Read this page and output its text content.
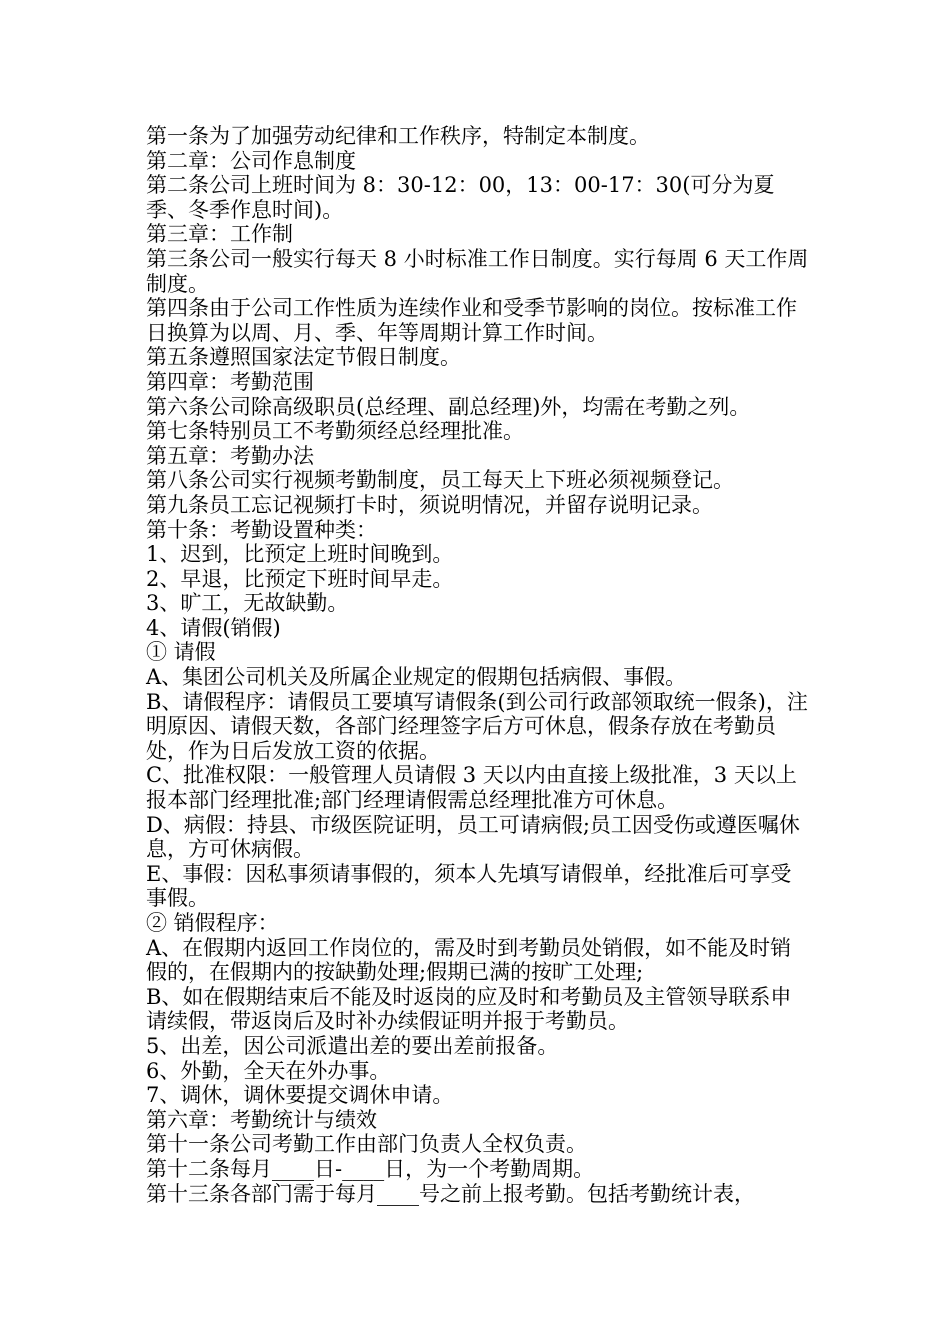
第一条为了加强劳动纪律和工作秩序，特制定本制度。

第二章：公司作息制度

第二条公司上班时间为 8：30-12：00，13：00-17：30(可分为夏季、冬季作息时间)。

第三章：工作制

第三条公司一般实行每天 8 小时标准工作日制度。实行每周 6 天工作周制度。

第四条由于公司工作性质为连续作业和受季节影响的岗位。按标准工作日换算为以周、月、季、年等周期计算工作时间。

第五条遵照国家法定节假日制度。

第四章：考勤范围

第六条公司除高级职员(总经理、副总经理)外，均需在考勤之列。

第七条特别员工不考勤须经总经理批准。

第五章：考勤办法

第八条公司实行视频考勤制度，员工每天上下班必须视频登记。

第九条员工忘记视频打卡时，须说明情况，并留存说明记录。

第十条：考勤设置种类：

1、迟到，比预定上班时间晚到。

2、早退，比预定下班时间早走。

3、旷工，无故缺勤。

4、请假(销假)

① 请假

A、集团公司机关及所属企业规定的假期包括病假、事假。

B、请假程序：请假员工要填写请假条(到公司行政部领取统一假条)，注明原因、请假天数，各部门经理签字后方可休息，假条存放在考勤员处，作为日后发放工资的依据。

C、批准权限：一般管理人员请假 3 天以内由直接上级批准，3 天以上报本部门经理批准;部门经理请假需总经理批准方可休息。

D、病假：持县、市级医院证明，员工可请病假;员工因受伤或遵医嘱休息，方可休病假。

E、事假：因私事须请事假的，须本人先填写请假单，经批准后可享受事假。

② 销假程序：

A、在假期内返回工作岗位的，需及时到考勤员处销假，如不能及时销假的，在假期内的按缺勤处理;假期已满的按旷工处理;

B、如在假期结束后不能及时返岗的应及时和考勤员及主管领导联系申请续假，带返岗后及时补办续假证明并报于考勤员。

5、出差，因公司派遣出差的要出差前报备。

6、外勤，全天在外办事。

7、调休，调休要提交调休申请。

第六章：考勤统计与绩效

第十一条公司考勤工作由部门负责人全权负责。

第十二条每月____日-____日，为一个考勤周期。

第十三条各部门需于每月____号之前上报考勤。包括考勤统计表，
